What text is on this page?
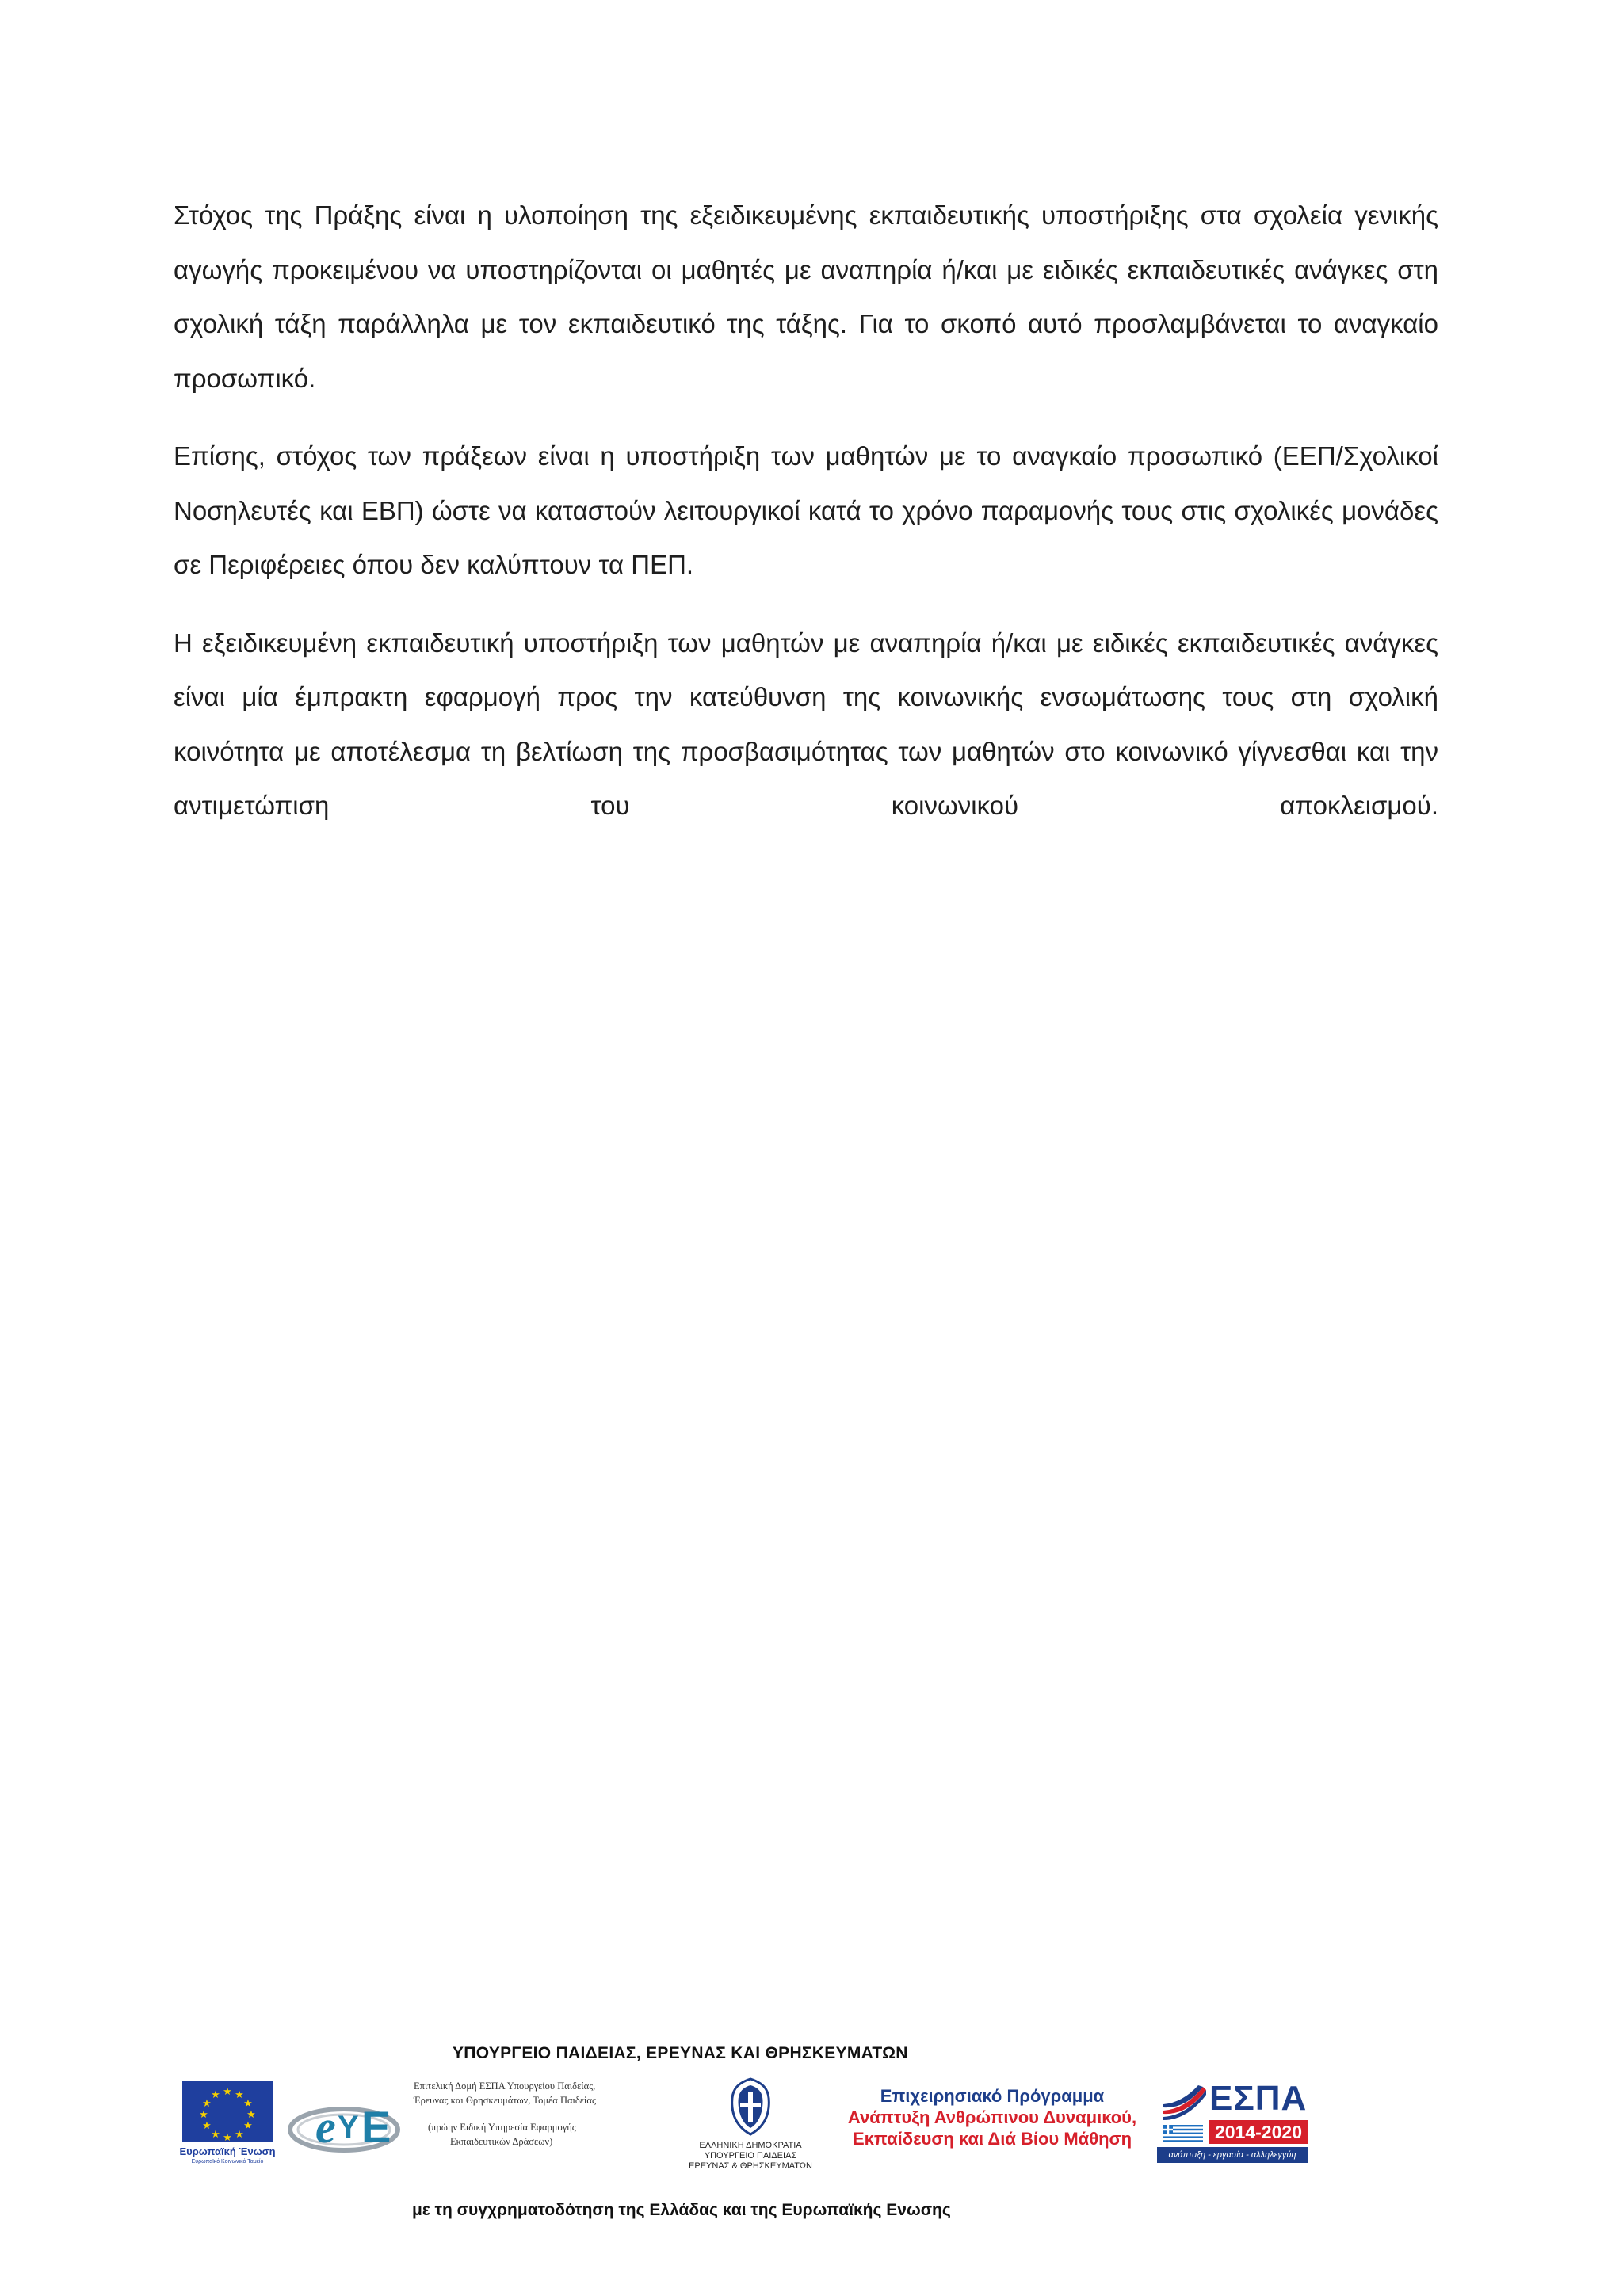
Στόχος της Πράξης είναι η υλοποίηση της εξειδικευμένης εκπαιδευτικής υποστήριξης στα σχολεία γενικής αγωγής προκειμένου να υποστηρίζονται οι μαθητές με αναπηρία ή/και με ειδικές εκπαιδευτικές ανάγκες στη σχολική τάξη παράλληλα με τον εκπαιδευτικό της τάξης. Για το σκοπό αυτό προσλαμβάνεται το αναγκαίο προσωπικό.

Επίσης, στόχος των πράξεων είναι η υποστήριξη των μαθητών με το αναγκαίο προσωπικό (ΕΕΠ/Σχολικοί Νοσηλευτές και ΕΒΠ) ώστε να καταστούν λειτουργικοί κατά το χρόνο παραμονής τους στις σχολικές μονάδες σε Περιφέρειες όπου δεν καλύπτουν τα ΠΕΠ.

Η εξειδικευμένη εκπαιδευτική υποστήριξη των μαθητών με αναπηρία ή/και με ειδικές εκπαιδευτικές ανάγκες είναι μία έμπρακτη εφαρμογή προς την κατεύθυνση της κοινωνικής ενσωμάτωσης τους στη σχολική κοινότητα με αποτέλεσμα τη βελτίωση της προσβασιμότητας των μαθητών στο κοινωνικό γίγνεσθαι και την αντιμετώπιση του κοινωνικού αποκλεισμού.

ΥΠΟΥΡΓΕΙΟ ΠΑΙΔΕΙΑΣ, ΕΡΕΥΝΑΣ ΚΑΙ ΘΡΗΣΚΕΥΜΑΤΩΝ
★ ★
★
★
★
★
★
★
★
★
★
★
Ευρωπαϊκή Ένωση
Ευρωπαϊκό Κοινωνικό Ταμείο
e Y E
Επιτελική Δομή ΕΣΠΑ Υπουργείου Παιδείας,
Έρευνας και Θρησκευμάτων, Τομέα Παιδείας
(πρώην Ειδική Υπηρεσία Εφαρμογής
Εκπαιδευτικών Δράσεων)	ΕΛΛΗΝΙΚΗ ΔΗΜΟΚΡΑΤΙΑ
ΥΠΟΥΡΓΕΙΟ ΠΑΙΔΕΙΑΣ
ΕΡΕΥΝΑΣ & ΘΡΗΣΚΕΥΜΑΤΩΝ
Επιχειρησιακό Πρόγραμμα
Ανάπτυξη Ανθρώπινου Δυναμικού,
Εκπαίδευση και Διά Βίου Μάθηση
ΕΣΠΑ
2014-2020
ανάπτυξη - εργασία - αλληλεγγύη
με τη συγχρηματοδότηση της Ελλάδας και της Ευρωπαϊκής Ενωσης
